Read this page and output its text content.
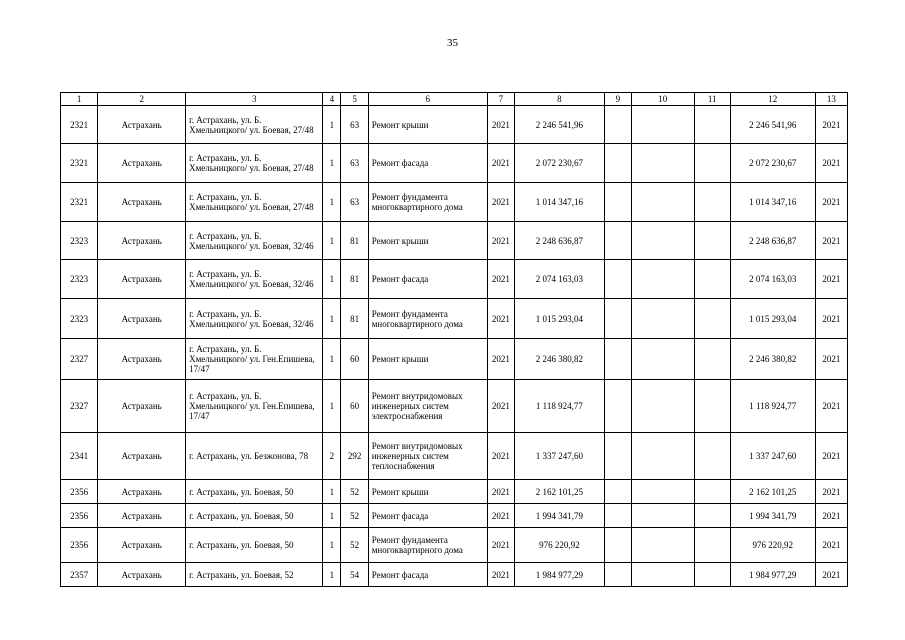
35
1	2	3	4	5	6	7	8	9	10	11	12	13
2321	Астрахань	г. Астрахань, ул. Б. Хмельницкого/ ул. Боевая, 27/48	1	63	Ремонт крыши	2021	2 246 541,96				2 246 541,96	2021
2321	Астрахань	г. Астрахань, ул. Б. Хмельницкого/ ул. Боевая, 27/48	1	63	Ремонт фасада	2021	2 072 230,67				2 072 230,67	2021
2321	Астрахань	г. Астрахань, ул. Б. Хмельницкого/ ул. Боевая, 27/48	1	63	Ремонт фундамента многоквартирного дома	2021	1 014 347,16				1 014 347,16	2021
2323	Астрахань	г. Астрахань, ул. Б. Хмельницкого/ ул. Боевая, 32/46	1	81	Ремонт крыши	2021	2 248 636,87				2 248 636,87	2021
2323	Астрахань	г. Астрахань, ул. Б. Хмельницкого/ ул. Боевая, 32/46	1	81	Ремонт фасада	2021	2 074 163,03				2 074 163,03	2021
2323	Астрахань	г. Астрахань, ул. Б. Хмельницкого/ ул. Боевая, 32/46	1	81	Ремонт фундамента многоквартирного дома	2021	1 015 293,04				1 015 293,04	2021
2327	Астрахань	г. Астрахань, ул. Б. Хмельницкого/ ул. Ген.Епишева, 17/47	1	60	Ремонт крыши	2021	2 246 380,82				2 246 380,82	2021
2327	Астрахань	г. Астрахань, ул. Б. Хмельницкого/ ул. Ген.Епишева, 17/47	1	60	Ремонт внутридомовых инженерных систем электроснабжения	2021	1 118 924,77				1 118 924,77	2021
2341	Астрахань	г. Астрахань, ул. Безжонова, 78	2	292	Ремонт внутридомовых инженерных систем теплоснабжения	2021	1 337 247,60				1 337 247,60	2021
2356	Астрахань	г. Астрахань, ул. Боевая, 50	1	52	Ремонт крыши	2021	2 162 101,25				2 162 101,25	2021
2356	Астрахань	г. Астрахань, ул. Боевая, 50	1	52	Ремонт фасада	2021	1 994 341,79				1 994 341,79	2021
2356	Астрахань	г. Астрахань, ул. Боевая, 50	1	52	Ремонт фундамента многоквартирного дома	2021	976 220,92				976 220,92	2021
2357	Астрахань	г. Астрахань, ул. Боевая, 52	1	54	Ремонт фасада	2021	1 984 977,29				1 984 977,29	2021
